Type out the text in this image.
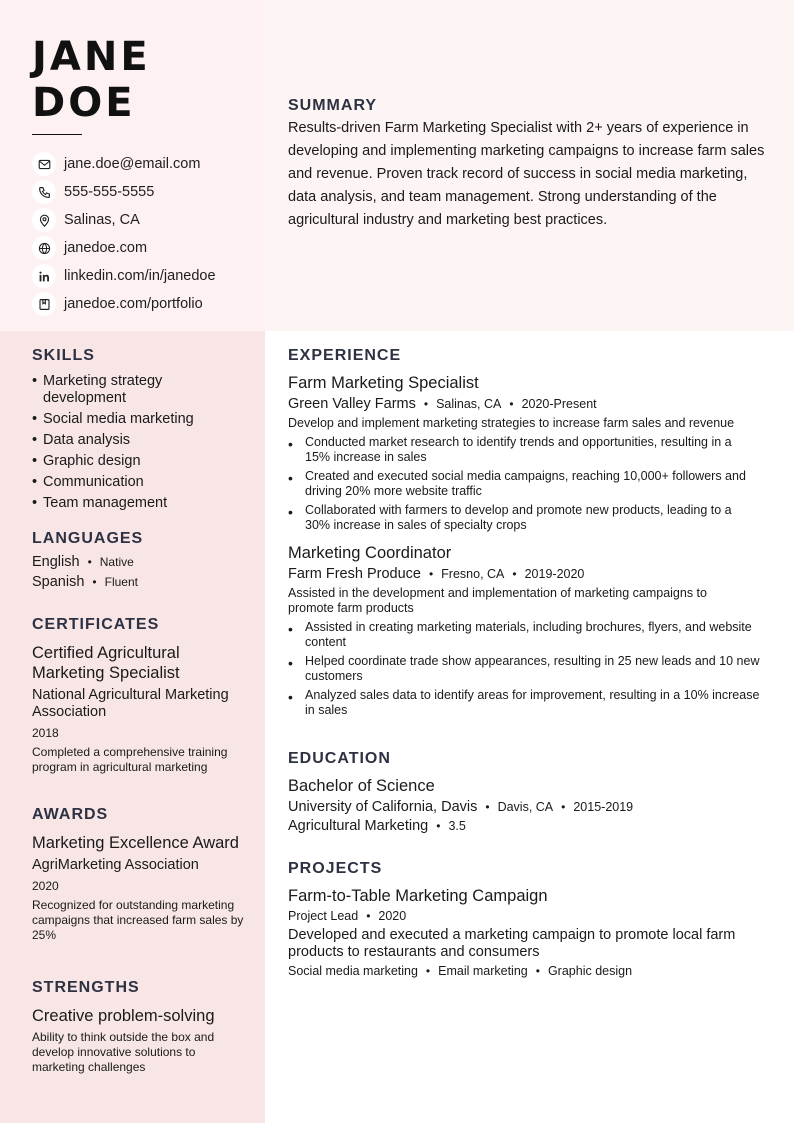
JANE
DOE
jane.doe@email.com
555-555-5555
Salinas, CA
janedoe.com
linkedin.com/in/janedoe
janedoe.com/portfolio
SUMMARY

Results-driven Farm Marketing Specialist with 2+ years of experience in developing and implementing marketing campaigns to increase farm sales and revenue. Proven track record of success in social media marketing, data analysis, and team management. Strong understanding of the agricultural industry and marketing best practices.

SKILLS
• Marketing strategy development
• Social media marketing
• Data analysis
• Graphic design
• Communication
• Team management
LANGUAGES
English • Native
Spanish • Fluent
CERTIFICATES
Certified Agricultural Marketing Specialist
National Agricultural Marketing Association
2018
Completed a comprehensive training program in agricultural marketing
AWARDS
Marketing Excellence Award
AgriMarketing Association
2020
Recognized for outstanding marketing campaigns that increased farm sales by 25%
STRENGTHS
Creative problem-solving
Ability to think outside the box and develop innovative solutions to marketing challenges
EXPERIENCE
Farm Marketing Specialist
Green Valley Farms • Salinas, CA • 2020-Present
Develop and implement marketing strategies to increase farm sales and revenue
• Conducted market research to identify trends and opportunities, resulting in a 15% increase in sales
• Created and executed social media campaigns, reaching 10,000+ followers and driving 20% more website traffic
• Collaborated with farmers to develop and promote new products, leading to a 30% increase in sales of specialty crops
Marketing Coordinator
Farm Fresh Produce • Fresno, CA • 2019-2020
Assisted in the development and implementation of marketing campaigns to promote farm products
• Assisted in creating marketing materials, including brochures, flyers, and website content
• Helped coordinate trade show appearances, resulting in 25 new leads and 10 new customers
• Analyzed sales data to identify areas for improvement, resulting in a 10% increase in sales
EDUCATION
Bachelor of Science
University of California, Davis • Davis, CA • 2015-2019
Agricultural Marketing • 3.5
PROJECTS
Farm-to-Table Marketing Campaign
Project Lead • 2020
Developed and executed a marketing campaign to promote local farm products to restaurants and consumers
Social media marketing • Email marketing • Graphic design
